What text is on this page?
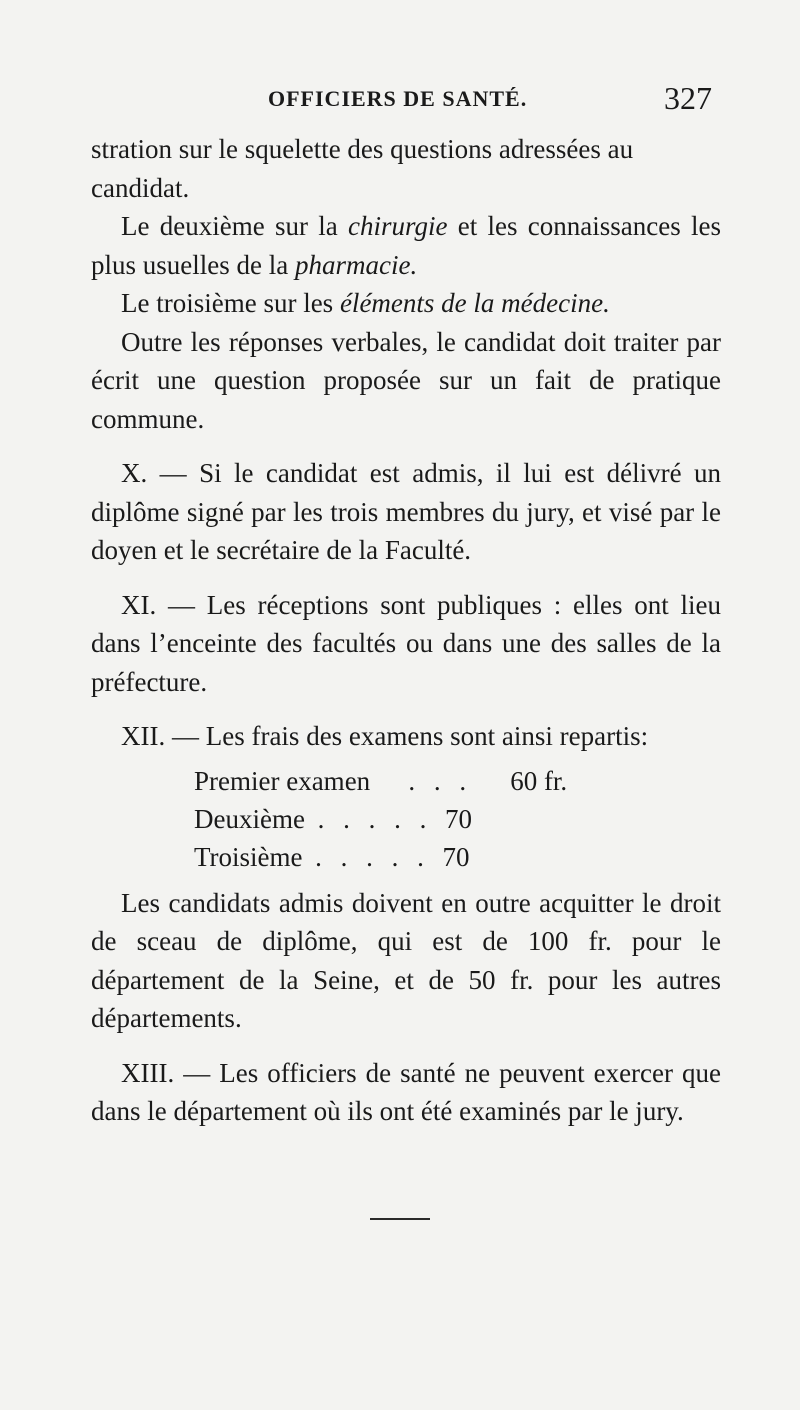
OFFICIERS DE SANTÉ.	327

stration sur le squelette des questions adressées au candidat.

Le deuxième sur la chirurgie et les connaissances les plus usuelles de la pharmacie.

Le troisième sur les éléments de la médecine.

Outre les réponses verbales, le candidat doit traiter par écrit une question proposée sur un fait de pratique commune.

X. — Si le candidat est admis, il lui est délivré un diplôme signé par les trois membres du jury, et visé par le doyen et le secrétaire de la Faculté.

XI. — Les réceptions sont publiques : elles ont lieu dans l’enceinte des facultés ou dans une des salles de la préfecture.

XII. — Les frais des examens sont ainsi repartis:

Premier examen	. . .	60 fr.
Deuxième . . . . . 70
Troisième . . . . . 70

Les candidats admis doivent en outre acquitter le droit de sceau de diplôme, qui est de 100 fr. pour le département de la Seine, et de 50 fr. pour les autres départements.

XIII. — Les officiers de santé ne peuvent exercer que dans le département où ils ont été examinés par le jury.
